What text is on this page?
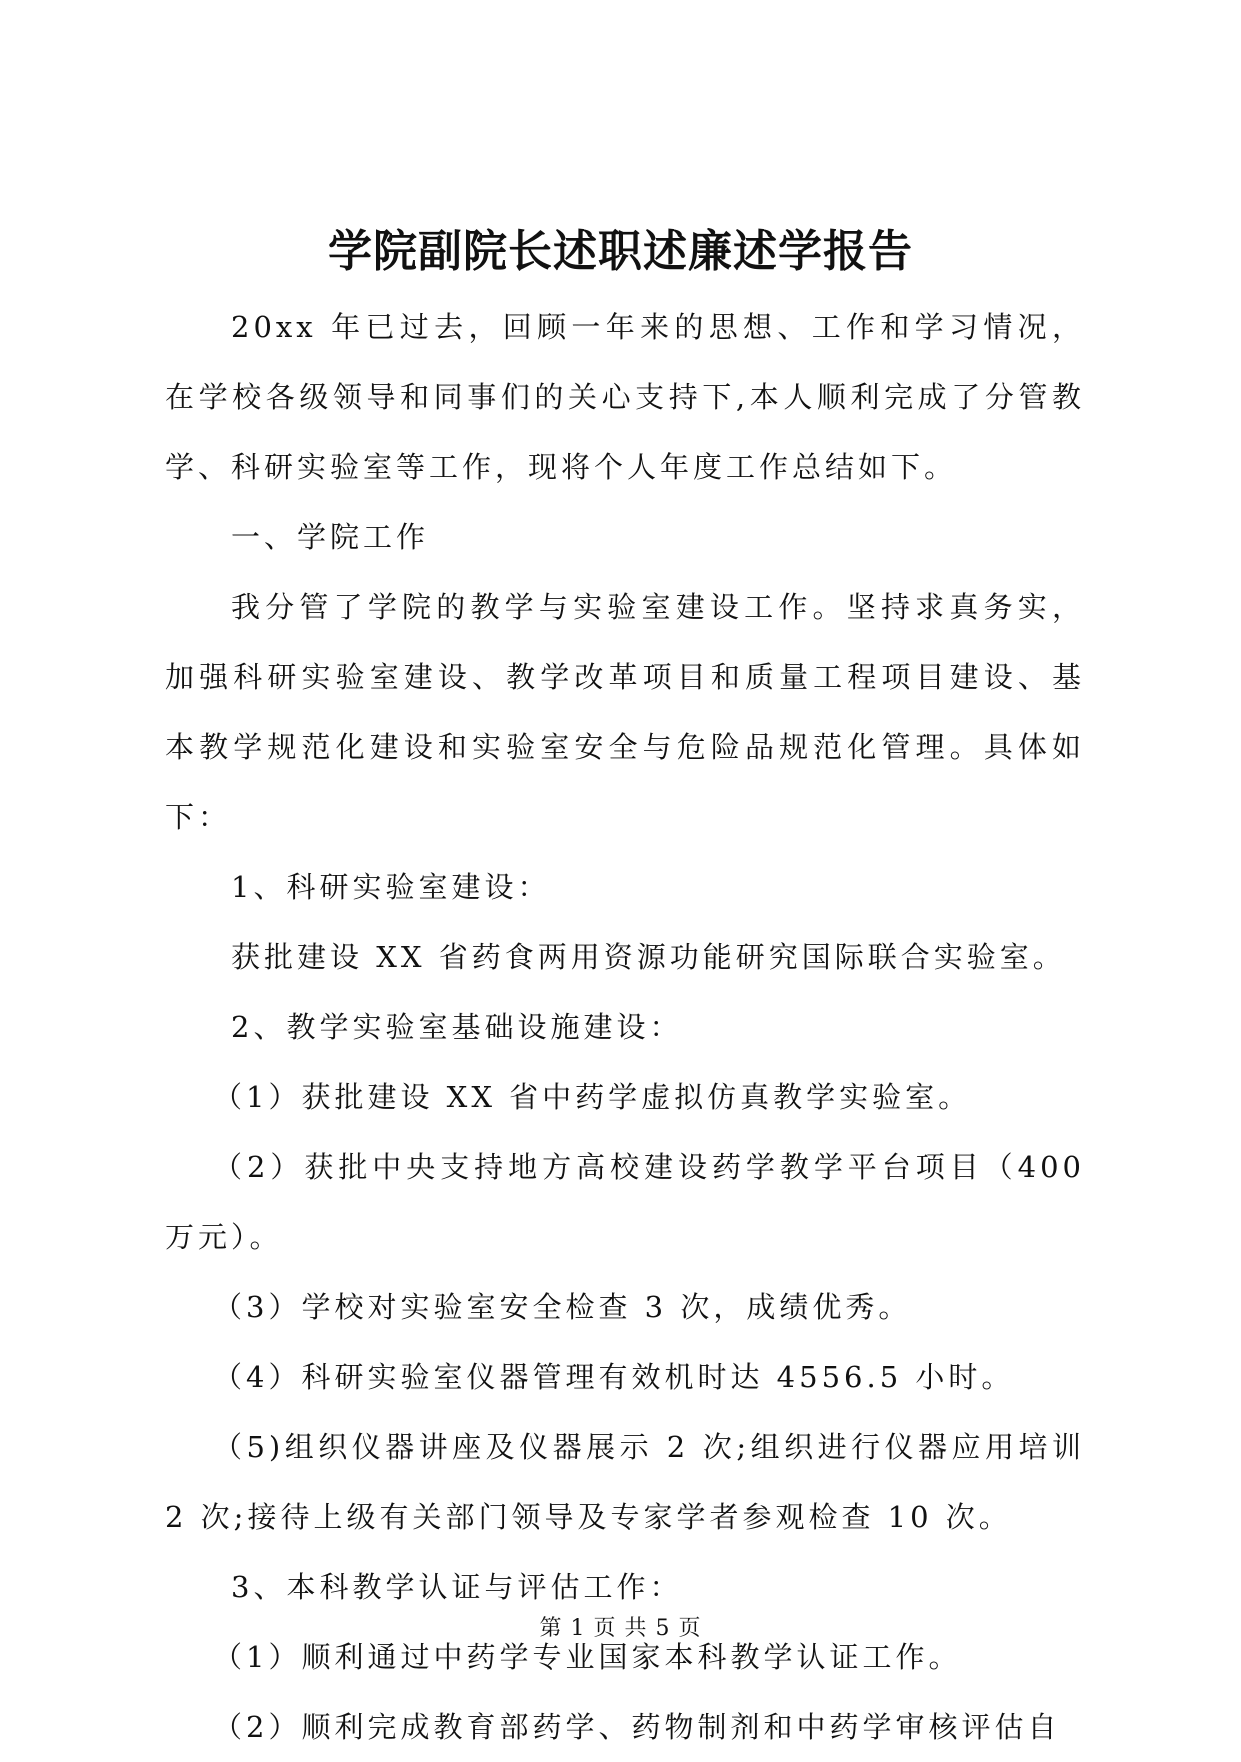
学院副院长述职述廉述学报告

20xx 年已过去，回顾一年来的思想、工作和学习情况，在学校各级领导和同事们的关心支持下,本人顺利完成了分管教学、科研实验室等工作，现将个人年度工作总结如下。

一、学院工作

我分管了学院的教学与实验室建设工作。坚持求真务实，加强科研实验室建设、教学改革项目和质量工程项目建设、基本教学规范化建设和实验室安全与危险品规范化管理。具体如下：

1、科研实验室建设：

获批建设 XX 省药食两用资源功能研究国际联合实验室。

2、教学实验室基础设施建设：

（1）获批建设 XX 省中药学虚拟仿真教学实验室。

（2）获批中央支持地方高校建设药学教学平台项目（400万元）。

（3）学校对实验室安全检查 3 次，成绩优秀。

（4）科研实验室仪器管理有效机时达 4556.5 小时。

（5)组织仪器讲座及仪器展示 2 次;组织进行仪器应用培训 2 次;接待上级有关部门领导及专家学者参观检查 10 次。

3、本科教学认证与评估工作：

（1）顺利通过中药学专业国家本科教学认证工作。

（2）顺利完成教育部药学、药物制剂和中药学审核评估自

第 1 页 共 5 页
